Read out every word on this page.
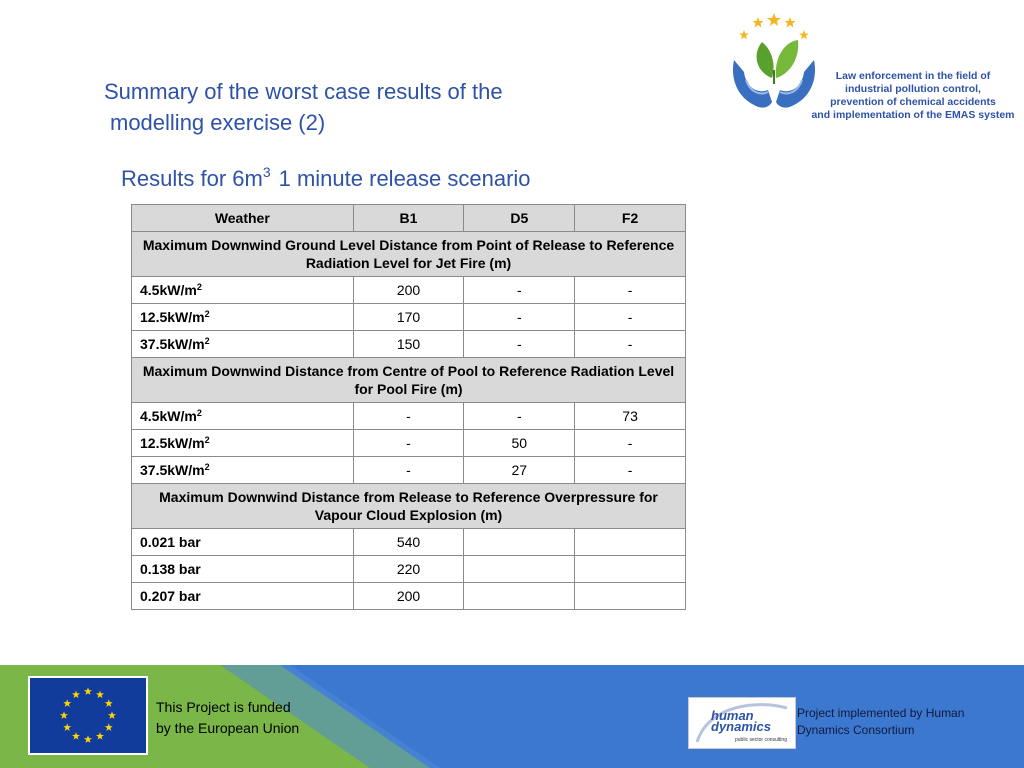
Summary of the worst case results of the
modelling exercise (2)
Results for $6m^3$ 1 minute release scenario
Law enforcement in the field of
industrial pollution control,
prevention of chemical accidents
and implementation of the EMAS system
Weather	B1	D5	F2
Maximum Downwind Ground Level Distance from Point of Release to Reference Radiation Level for Jet Fire (m)			
$4.5kW/m^2$	200	-	-
$12.5kW/m^2$	170	-	-
$37.5kW/m^2$	150	-	-
Maximum Downwind Distance from Centre of Pool to Reference Radiation Level for Pool Fire (m)			
$4.5kW/m^2$	-	-	73
$12.5kW/m^2$	-	50	-
$37.5kW/m^2$	-	27	-
Maximum Downwind Distance from Release to Reference Overpressure for Vapour Cloud Explosion (m)			
0.021 bar	540		
0.138 bar	220		
0.207 bar	200		
This Project is funded
by the European Union
human
dynamics
public sector consulting
Project implemented by Human
Dynamics Consortium
